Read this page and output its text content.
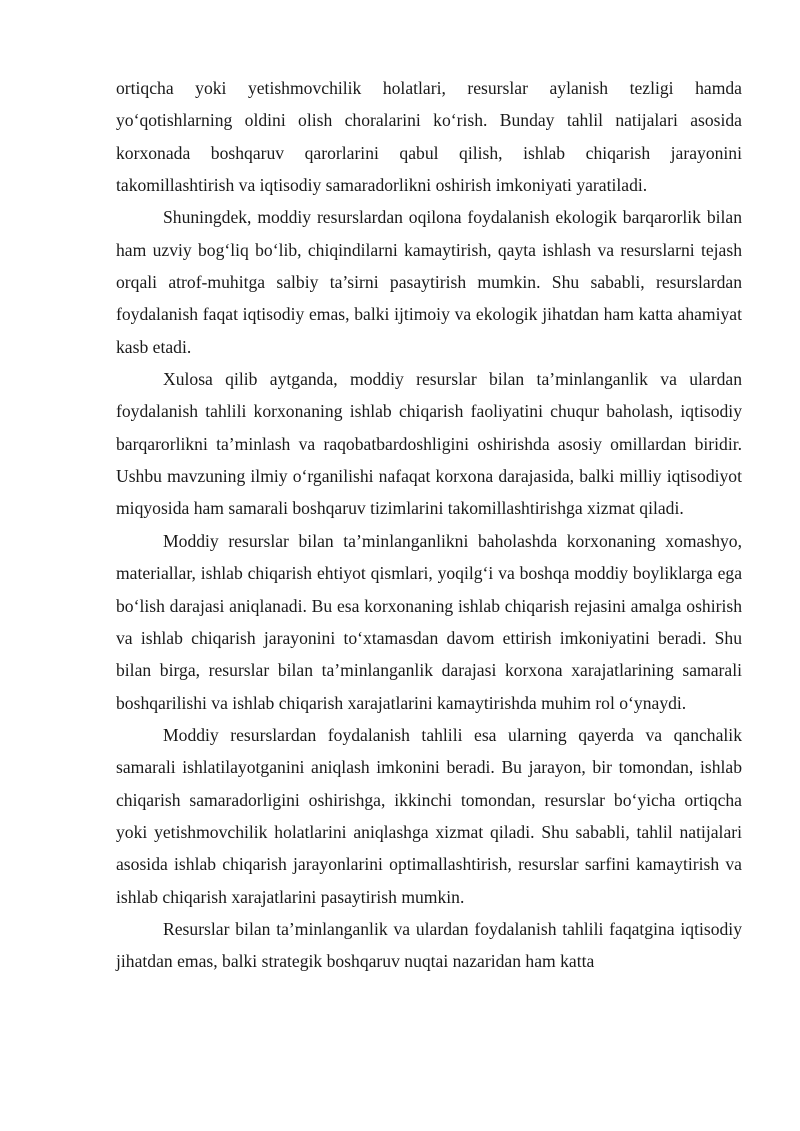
ortiqcha yoki yetishmovchilik holatlari, resurslar aylanish tezligi hamda yo‘qotishlarning oldini olish choralarini ko‘rish. Bunday tahlil natijalari asosida korxonada boshqaruv qarorlarini qabul qilish, ishlab chiqarish jarayonini takomillashtirish va iqtisodiy samaradorlikni oshirish imkoniyati yaratiladi.

Shuningdek, moddiy resurslardan oqilona foydalanish ekologik barqarorlik bilan ham uzviy bog‘liq bo‘lib, chiqindilarni kamaytirish, qayta ishlash va resurslarni tejash orqali atrof-muhitga salbiy ta’sirni pasaytirish mumkin. Shu sababli, resurslardan foydalanish faqat iqtisodiy emas, balki ijtimoiy va ekologik jihatdan ham katta ahamiyat kasb etadi.

Xulosa qilib aytganda, moddiy resurslar bilan ta’minlanganlik va ulardan foydalanish tahlili korxonaning ishlab chiqarish faoliyatini chuqur baholash, iqtisodiy barqarorlikni ta’minlash va raqobatbardoshligini oshirishda asosiy omillardan biridir. Ushbu mavzuning ilmiy o‘rganilishi nafaqat korxona darajasida, balki milliy iqtisodiyot miqyosida ham samarali boshqaruv tizimlarini takomillashtirishga xizmat qiladi.

Moddiy resurslar bilan ta’minlanganlikni baholashda korxonaning xomashyo, materiallar, ishlab chiqarish ehtiyot qismlari, yoqilg‘i va boshqa moddiy boyliklarga ega bo‘lish darajasi aniqlanadi. Bu esa korxonaning ishlab chiqarish rejasini amalga oshirish va ishlab chiqarish jarayonini to‘xtamasdan davom ettirish imkoniyatini beradi. Shu bilan birga, resurslar bilan ta’minlanganlik darajasi korxona xarajatlarining samarali boshqarilishi va ishlab chiqarish xarajatlarini kamaytirishda muhim rol o‘ynaydi.

Moddiy resurslardan foydalanish tahlili esa ularning qayerda va qanchalik samarali ishlatilayotganini aniqlash imkonini beradi. Bu jarayon, bir tomondan, ishlab chiqarish samaradorligini oshirishga, ikkinchi tomondan, resurslar bo‘yicha ortiqcha yoki yetishmovchilik holatlarini aniqlashga xizmat qiladi. Shu sababli, tahlil natijalari asosida ishlab chiqarish jarayonlarini optimallashtirish, resurslar sarfini kamaytirish va ishlab chiqarish xarajatlarini pasaytirish mumkin.

Resurslar bilan ta’minlanganlik va ulardan foydalanish tahlili faqatgina iqtisodiy jihatdan emas, balki strategik boshqaruv nuqtai nazaridan ham katta
